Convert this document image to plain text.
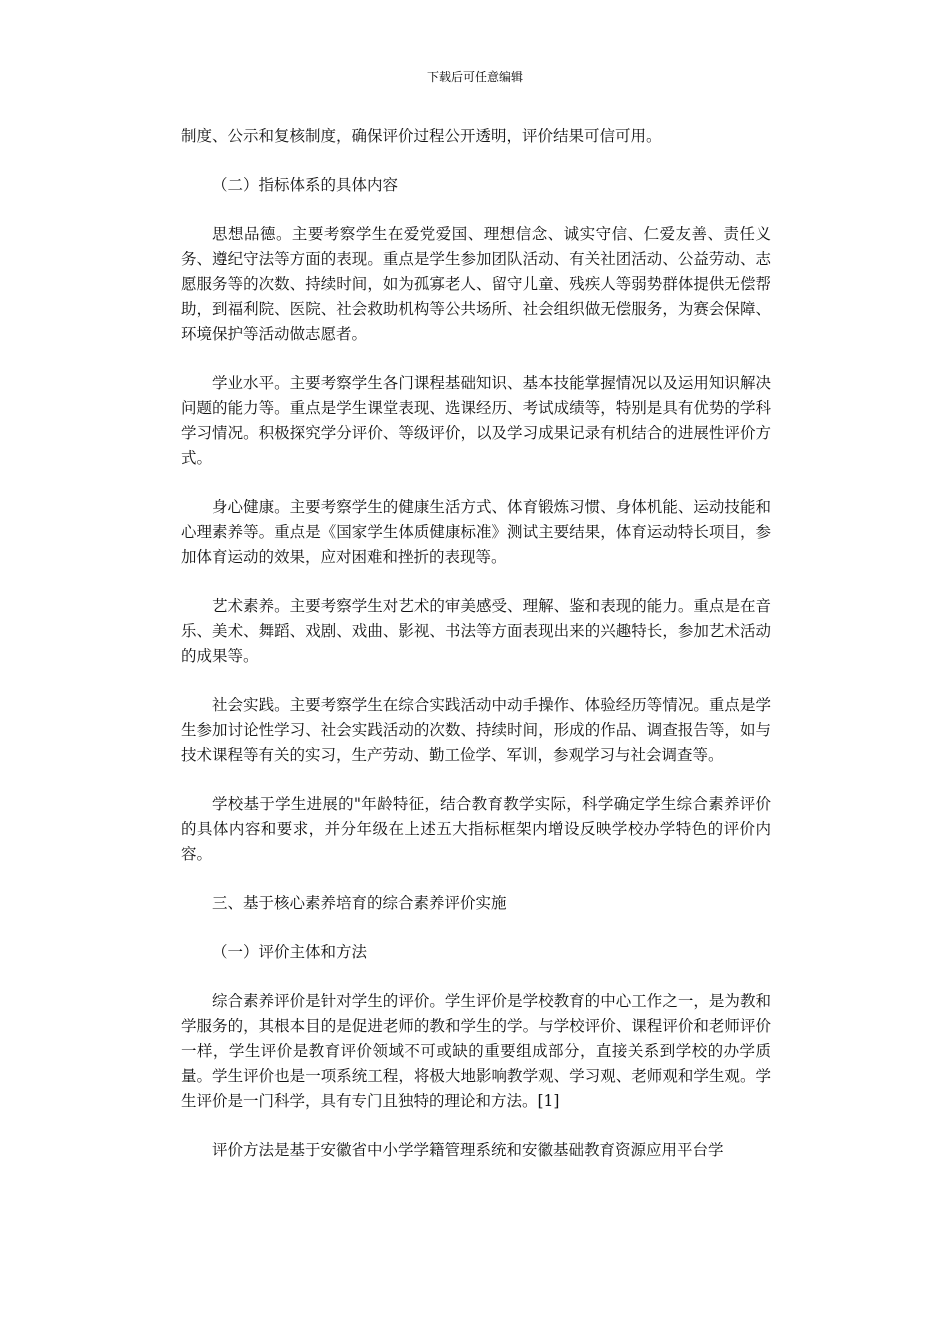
下载后可任意编辑

制度、公示和复核制度，确保评价过程公开透明，评价结果可信可用。

（二）指标体系的具体内容

思想品德。主要考察学生在爱党爱国、理想信念、诚实守信、仁爱友善、责任义务、遵纪守法等方面的表现。重点是学生参加团队活动、有关社团活动、公益劳动、志愿服务等的次数、持续时间，如为孤寡老人、留守儿童、残疾人等弱势群体提供无偿帮助，到福利院、医院、社会救助机构等公共场所、社会组织做无偿服务，为赛会保障、环境保护等活动做志愿者。

学业水平。主要考察学生各门课程基础知识、基本技能掌握情况以及运用知识解决问题的能力等。重点是学生课堂表现、选课经历、考试成绩等，特别是具有优势的学科学习情况。积极探究学分评价、等级评价，以及学习成果记录有机结合的进展性评价方式。

身心健康。主要考察学生的健康生活方式、体育锻炼习惯、身体机能、运动技能和心理素养等。重点是《国家学生体质健康标准》测试主要结果，体育运动特长项目，参加体育运动的效果，应对困难和挫折的表现等。

艺术素养。主要考察学生对艺术的审美感受、理解、鉴和表现的能力。重点是在音乐、美术、舞蹈、戏剧、戏曲、影视、书法等方面表现出来的兴趣特长，参加艺术活动的成果等。

社会实践。主要考察学生在综合实践活动中动手操作、体验经历等情况。重点是学生参加讨论性学习、社会实践活动的次数、持续时间，形成的作品、调查报告等，如与技术课程等有关的实习，生产劳动、勤工俭学、军训，参观学习与社会调查等。

学校基于学生进展的"年龄特征，结合教育教学实际，科学确定学生综合素养评价的具体内容和要求，并分年级在上述五大指标框架内增设反映学校办学特色的评价内容。

三、基于核心素养培育的综合素养评价实施

（一）评价主体和方法

综合素养评价是针对学生的评价。学生评价是学校教育的中心工作之一，是为教和学服务的，其根本目的是促进老师的教和学生的学。与学校评价、课程评价和老师评价一样，学生评价是教育评价领域不可或缺的重要组成部分，直接关系到学校的办学质量。学生评价也是一项系统工程，将极大地影响教学观、学习观、老师观和学生观。学生评价是一门科学，具有专门且独特的理论和方法。[1]

评价方法是基于安徽省中小学学籍管理系统和安徽基础教育资源应用平台学
